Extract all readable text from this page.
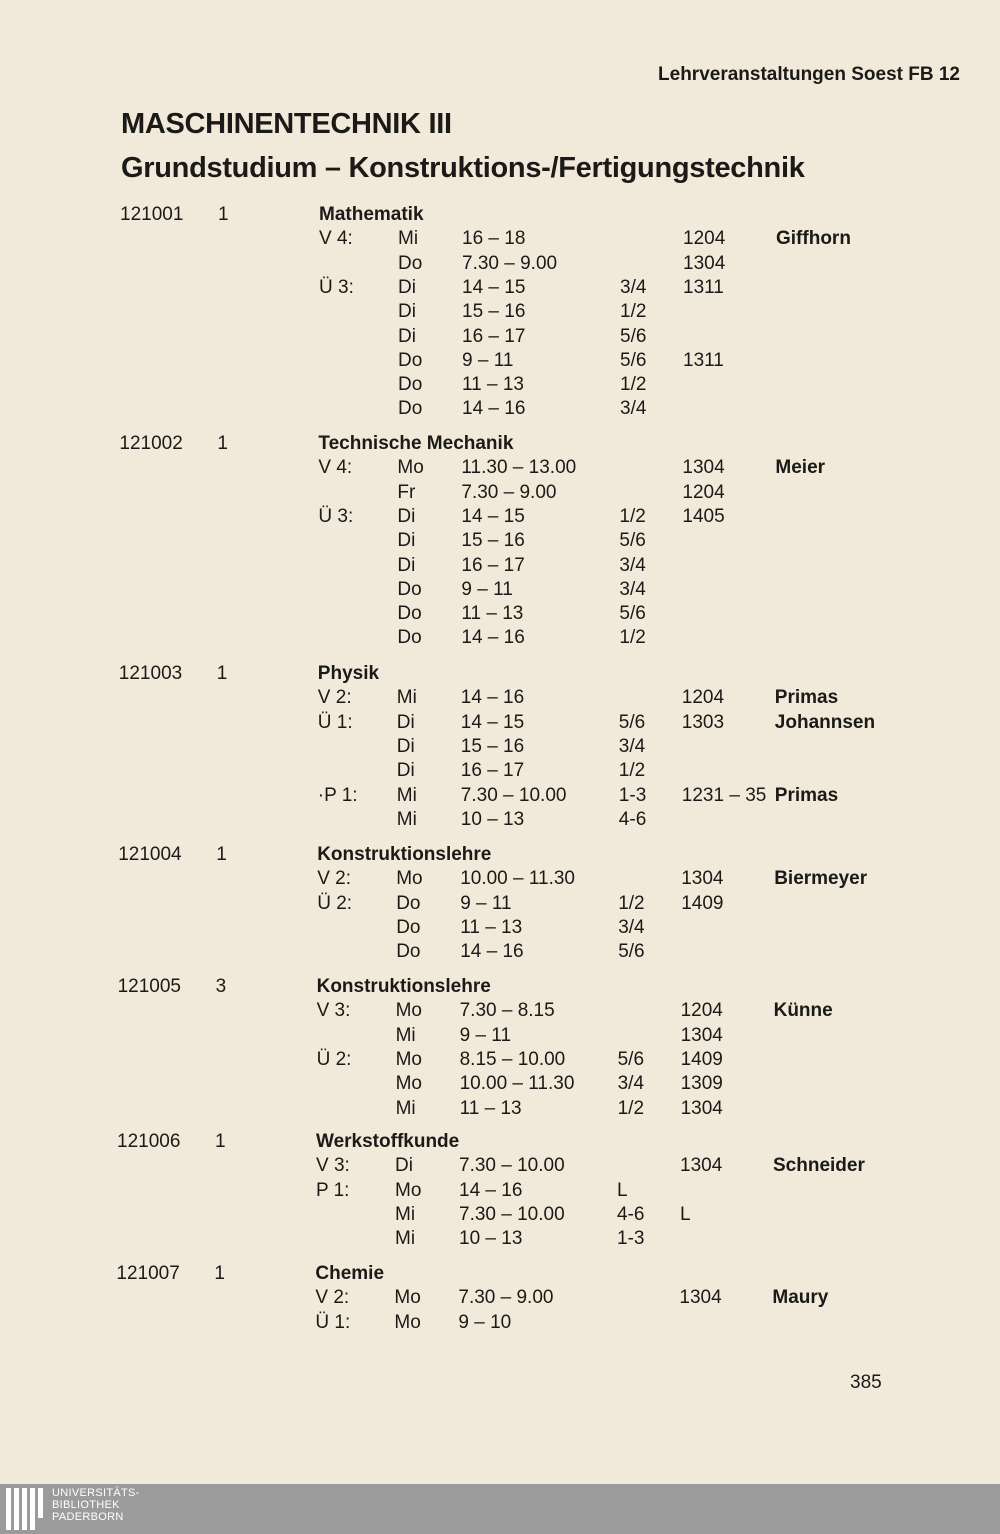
Lehrveranstaltungen Soest FB 12
MASCHINENTECHNIK III
Grundstudium – Konstruktions-/Fertigungstechnik
121001 1	Mathematik
V 4: Mi 16 – 18	1204	Giffhorn
Do 7.30 – 9.00	1304
Ü 3: Di 14 – 15	3/4 1311
Di 15 – 16	1/2
Di 16 – 17	5/6
Do 9 – 11	5/6 1311
Do 11 – 13	1/2
Do 14 – 16	3/4
121002 1	Technische Mechanik
V 4: Mo 11.30 – 13.00	1304	Meier
Fr 7.30 – 9.00	1204
Ü 3: Di 14 – 15	1/2 1405
Di 15 – 16	5/6
Di 16 – 17	3/4
Do 9 – 11	3/4
Do 11 – 13	5/6
Do 14 – 16	1/2
121003 1	Physik
V 2: Mi 14 – 16	1204	Primas
Ü 1: Di 14 – 15	5/6 1303	Johannsen
Di 15 – 16	3/4
Di 16 – 17	1/2
·P 1: Mi 7.30 – 10.00	1-3 1231 – 35 Primas
Mi 10 – 13	4-6
121004 1	Konstruktionslehre
V 2: Mo 10.00 – 11.30	1304	Biermeyer
Ü 2: Do 9 – 11	1/2 1409
Do 11 – 13	3/4
Do 14 – 16	5/6
121005 3	Konstruktionslehre
V 3: Mo 7.30 – 8.15	1204	Künne
Mi 9 – 11	1304
Ü 2: Mo 8.15 – 10.00	5/6 1409
Mo 10.00 – 11.30 3/4 1309
Mi 11 – 13	1/2 1304
121006 1	Werkstoffkunde
V 3: Di 7.30 – 10.00	1304	Schneider
P 1: Mo 14 – 16	L
Mi 7.30 – 10.00	4-6 L
Mi 10 – 13	1-3
121007 1	Chemie
V 2: Mo 7.30 – 9.00	1304	Maury
Ü 1: Mo 9 – 10
385
UNIVERSITÄTS-
BIBLIOTHEK
PADERBORN
